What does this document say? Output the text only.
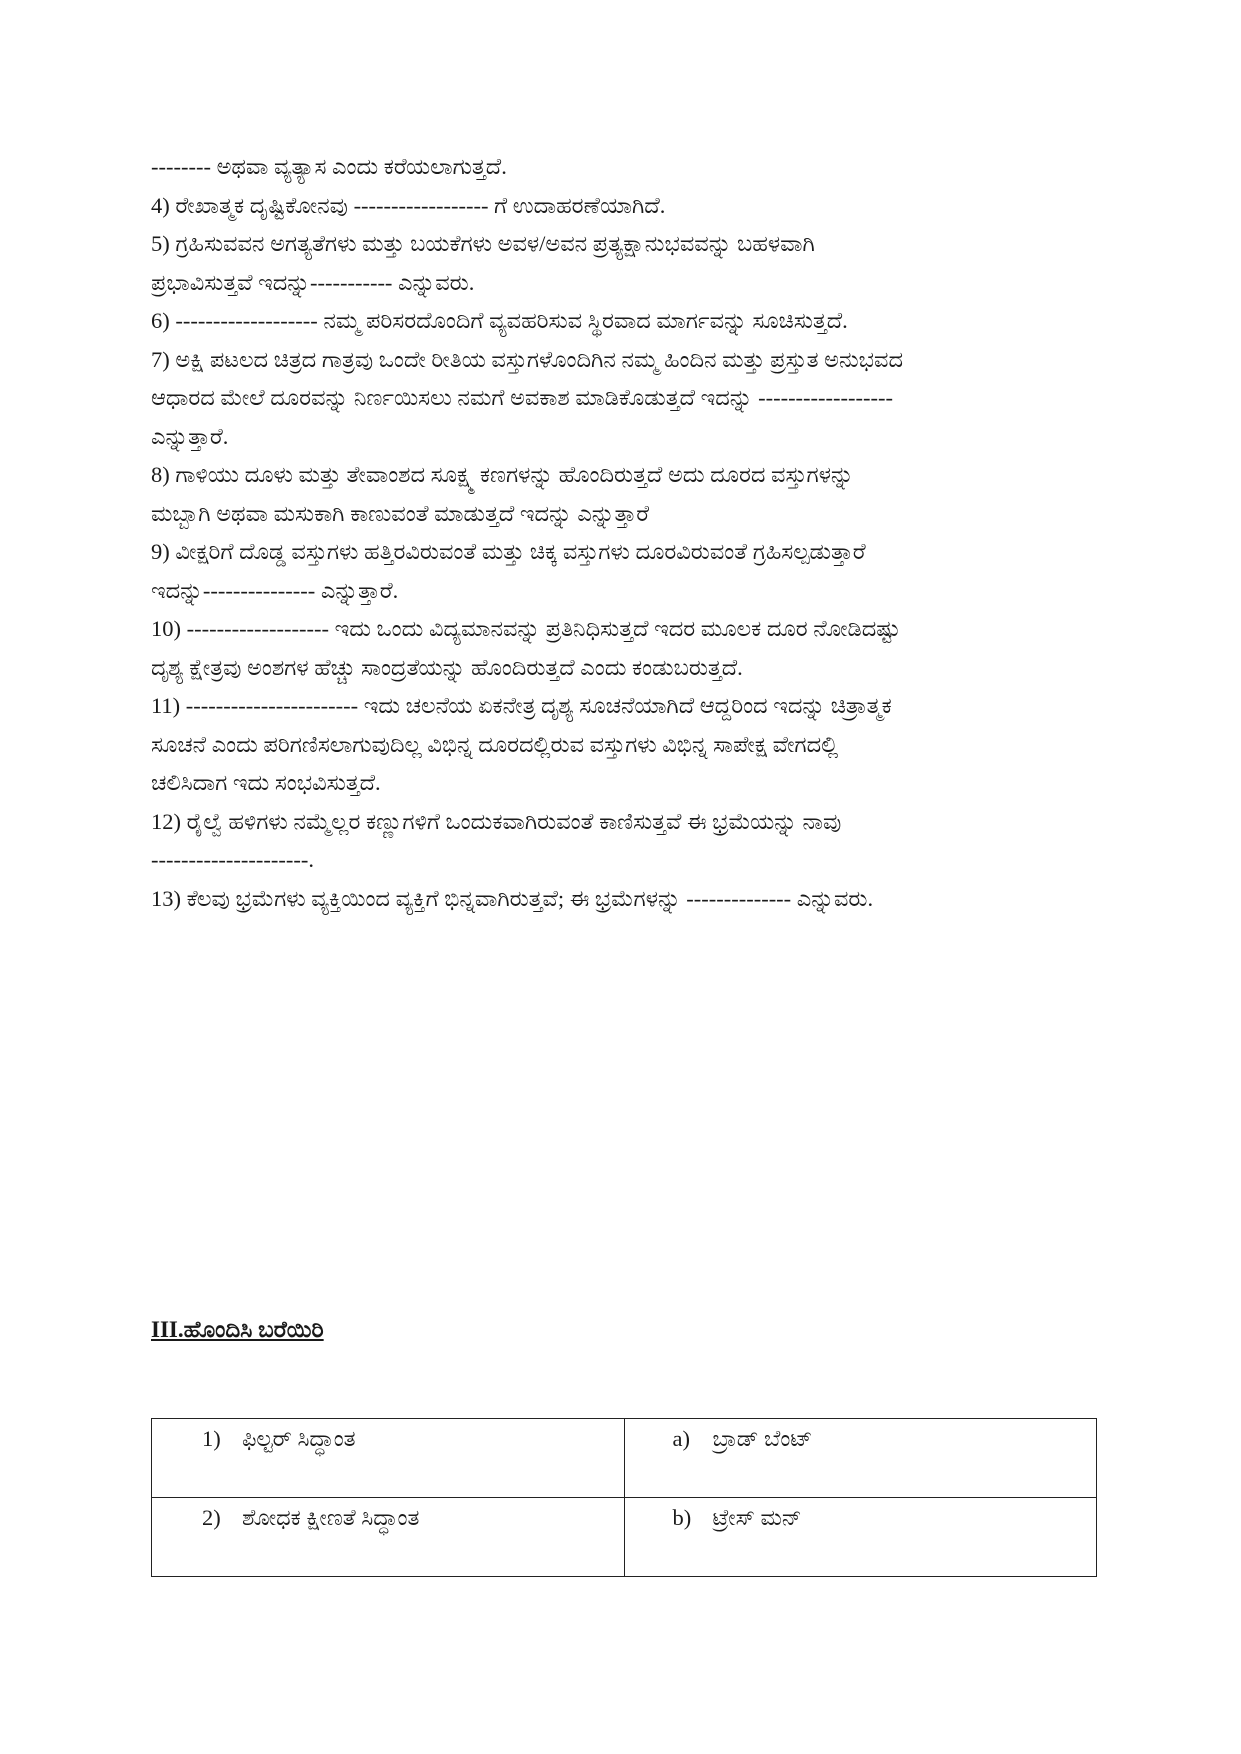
-------- ಅಥವಾ ವ್ಯತ್ಯಾಸ ಎಂದು ಕರೆಯಲಾಗುತ್ತದೆ.
4) ರೇಖಾತ್ಮಕ ದೃಷ್ಟಿಕೋನವು ------------------ ಗೆ ಉದಾಹರಣೆಯಾಗಿದೆ.
5) ಗ್ರಹಿಸುವವನ ಅಗತ್ಯತೆಗಳು ಮತ್ತು ಬಯಕೆಗಳು ಅವಳ/ಅವನ ಪ್ರತ್ಯಕ್ಷಾನುಭವವನ್ನು ಬಹಳವಾಗಿ
ಪ್ರಭಾವಿಸುತ್ತವೆ ಇದನ್ನು----------- ಎನ್ನುವರು.
6) ------------------- ನಮ್ಮ ಪರಿಸರದೊಂದಿಗೆ ವ್ಯವಹರಿಸುವ ಸ್ಥಿರವಾದ ಮಾರ್ಗವನ್ನು ಸೂಚಿಸುತ್ತದೆ.
7) ಅಕ್ಷಿ ಪಟಲದ ಚಿತ್ರದ ಗಾತ್ರವು ಒಂದೇ ರೀತಿಯ ವಸ್ತುಗಳೊಂದಿಗಿನ ನಮ್ಮ ಹಿಂದಿನ ಮತ್ತು ಪ್ರಸ್ತುತ ಅನುಭವದ
ಆಧಾರದ ಮೇಲೆ ದೂರವನ್ನು ನಿರ್ಣಯಿಸಲು ನಮಗೆ ಅವಕಾಶ ಮಾಡಿಕೊಡುತ್ತದೆ ಇದನ್ನು ------------------
ಎನ್ನುತ್ತಾರೆ.
8) ಗಾಳಿಯು ದೂಳು ಮತ್ತು ತೇವಾಂಶದ ಸೂಕ್ಷ್ಮ ಕಣಗಳನ್ನು ಹೊಂದಿರುತ್ತದೆ ಅದು ದೂರದ ವಸ್ತುಗಳನ್ನು
ಮಬ್ಬಾಗಿ ಅಥವಾ ಮಸುಕಾಗಿ ಕಾಣುವಂತೆ ಮಾಡುತ್ತದೆ ಇದನ್ನು ಎನ್ನುತ್ತಾರೆ
9) ವೀಕ್ಷರಿಗೆ ದೊಡ್ಡ ವಸ್ತುಗಳು ಹತ್ತಿರವಿರುವಂತೆ ಮತ್ತು ಚಿಕ್ಕ ವಸ್ತುಗಳು ದೂರವಿರುವಂತೆ ಗ್ರಹಿಸಲ್ಪಡುತ್ತಾರೆ
ಇದನ್ನು--------------- ಎನ್ನುತ್ತಾರೆ.
10) ------------------- ಇದು ಒಂದು ವಿದ್ಯಮಾನವನ್ನು ಪ್ರತಿನಿಧಿಸುತ್ತದೆ ಇದರ ಮೂಲಕ ದೂರ ನೋಡಿದಷ್ಟು
ದೃಶ್ಯ ಕ್ಷೇತ್ರವು ಅಂಶಗಳ ಹೆಚ್ಚು ಸಾಂದ್ರತೆಯನ್ನು ಹೊಂದಿರುತ್ತದೆ ಎಂದು ಕಂಡುಬರುತ್ತದೆ.
11) ----------------------- ಇದು ಚಲನೆಯ ಏಕನೇತ್ರ ದೃಶ್ಯ ಸೂಚನೆಯಾಗಿದೆ ಆದ್ದರಿಂದ ಇದನ್ನು ಚಿತ್ರಾತ್ಮಕ
ಸೂಚನೆ ಎಂದು ಪರಿಗಣಿಸಲಾಗುವುದಿಲ್ಲ ವಿಭಿನ್ನ ದೂರದಲ್ಲಿರುವ ವಸ್ತುಗಳು ವಿಭಿನ್ನ ಸಾಪೇಕ್ಷ ವೇಗದಲ್ಲಿ
ಚಲಿಸಿದಾಗ ಇದು ಸಂಭವಿಸುತ್ತದೆ.
12) ರೈಲ್ವೆ ಹಳಿಗಳು ನಮ್ಮೆಲ್ಲರ ಕಣ್ಣುಗಳಿಗೆ ಒಂದುಕವಾಗಿರುವಂತೆ ಕಾಣಿಸುತ್ತವೆ ಈ ಭ್ರಮೆಯನ್ನು ನಾವು
---------------------.
13) ಕೆಲವು ಭ್ರಮೆಗಳು ವ್ಯಕ್ತಿಯಿಂದ ವ್ಯಕ್ತಿಗೆ ಭಿನ್ನವಾಗಿರುತ್ತವೆ; ಈ ಭ್ರಮೆಗಳನ್ನು -------------- ಎನ್ನುವರು.
III.ಹೊಂದಿಸಿ ಬರೆಯಿರಿ
1) ಫಿಲ್ಟರ್ ಸಿದ್ಧಾಂತ	a) ಬ್ರಾಡ್ ಬೆಂಟ್

2) ಶೋಧಕ ಕ್ಷೀಣತೆ ಸಿದ್ಧಾಂತ	b) ಟ್ರೇಸ್ ಮನ್
